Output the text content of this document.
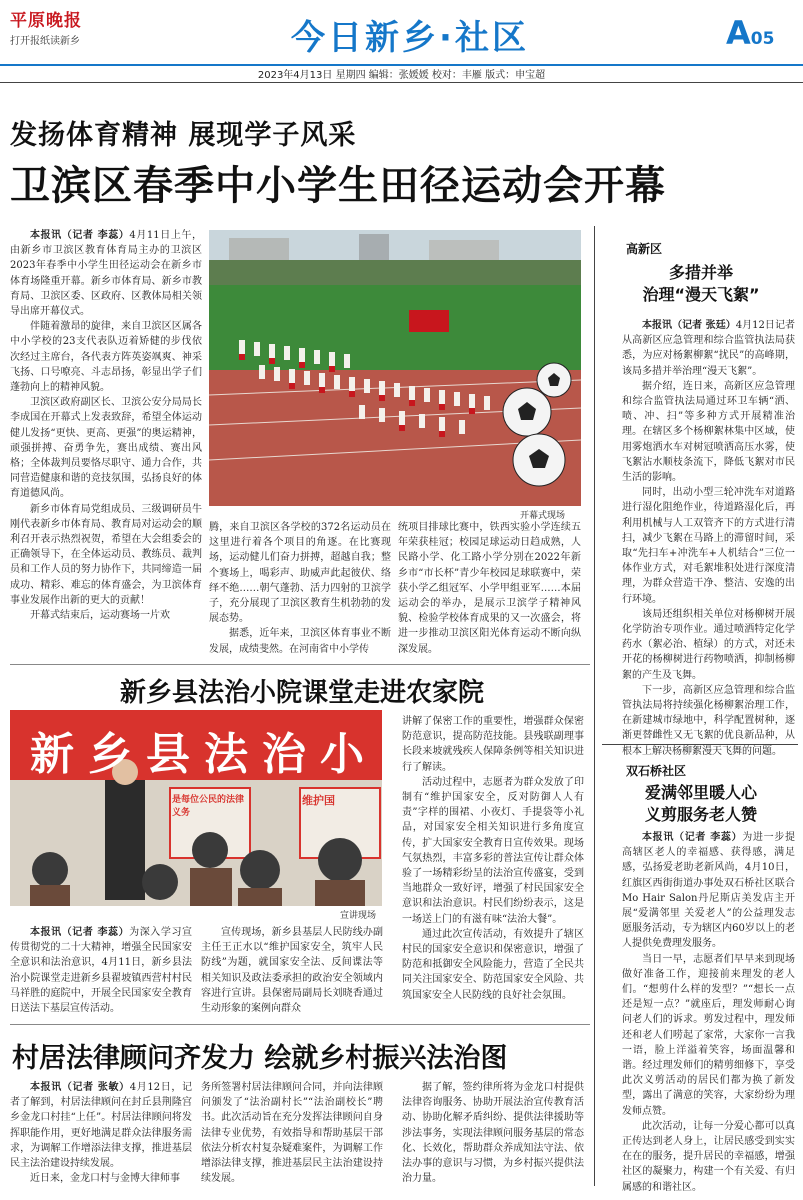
平原晚报
打开报纸读新乡	今日新乡·社区	A05
2023年4月13日 星期四 编辑：张媛媛 校对：丰雁 版式：申宝超
发扬体育精神 展现学子风采
卫滨区春季中小学生田径运动会开幕

本报讯（记者 李蕊）4月11日上午，由新乡市卫滨区教育体育局主办的卫滨区2023年春季中小学生田径运动会在新乡市体育场隆重开幕。新乡市体育局、新乡市教育局、卫滨区委、区政府、区教体局相关领导出席开幕仪式。

伴随着激昂的旋律，来自卫滨区区属各中小学校的23支代表队迈着矫健的步伐依次经过主席台，各代表方阵英姿飒爽、神采飞扬、口号嘹亮、斗志昂扬，彰显出学子们蓬勃向上的精神风貌。

卫滨区政府副区长、卫滨公安分局局长李成国在开幕式上发表致辞，希望全体运动健儿发扬“更快、更高、更强”的奥运精神，顽强拼搏、奋勇争先，赛出成绩、赛出风格；全体裁判员要恪尽职守、通力合作，共同营造健康和谐的竞技氛围，弘扬良好的体育道德风尚。

新乡市体育局党组成员、三级调研员牛刚代表新乡市体育局、教育局对运动会的顺利召开表示热烈祝贺，希望在大会组委会的正确领导下，在全体运动员、教练员、裁判员和工作人员的努力协作下，共同缔造一届成功、精彩、难忘的体育盛会，为卫滨体育事业发展作出新的更大的贡献！

开幕式结束后，运动赛场一片欢

开幕式现场

腾，来自卫滨区各学校的372名运动员在这里进行着各个项目的角逐。在比赛现场，运动健儿们奋力拼搏，超越自我；整个赛场上，喝彩声、助威声此起彼伏、络绎不绝……朝气蓬勃、活力四射的卫滨学子，充分展现了卫滨区教育生机勃勃的发展态势。

据悉，近年来，卫滨区体育事业不断发展，成绩斐然。在河南省中小学传

统项目排球比赛中，铁西实验小学连续五年荣获桂冠；校园足球运动日趋成熟，人民路小学、化工路小学分别在2022年新乡市“市长杯”青少年校园足球联赛中，荣获小学乙组冠军、小学甲组亚军……本届运动会的举办，是展示卫滨学子精神风貌、检验学校体育成果的又一次盛会，将进一步推动卫滨区阳光体育运动不断向纵深发展。

高新区
多措并举
治理“漫天飞絮”

本报讯（记者 张廷）4月12日记者从高新区应急管理和综合监管执法局获悉，为应对杨絮柳絮“扰民”的高峰期，该局多措并举治理“漫天飞絮”。

据介绍，连日来，高新区应急管理和综合监管执法局通过环卫车辆“洒、喷、冲、扫”等多种方式开展精准治理。在辖区多个杨柳絮林集中区域，使用雾炮洒水车对树冠喷洒高压水雾，使飞絮沾水顺枝条流下，降低飞絮对市民生活的影响。

同时，出动小型三轮冲洗车对道路进行湿化阻绝作业，待道路湿化后，再利用机械与人工双管齐下的方式进行清扫，减少飞絮在马路上的滞留时间，采取“先扫车+冲洗车+人机结合”三位一体作业方式，对毛絮堆积处进行深度清理，为群众营造干净、整洁、安逸的出行环境。

该局还组织相关单位对杨柳树开展化学防治专项作业。通过喷洒特定化学药水（絮必治、植绿）的方式，对还未开花的杨柳树进行药物喷洒，抑制杨柳絮的产生及飞舞。

下一步，高新区应急管理和综合监管执法局将持续强化杨柳絮治理工作，在新建城市绿地中，科学配置树种，逐渐更替雌性又无飞絮的优良新品种，从根本上解决杨柳絮漫天飞舞的问题。

双石桥社区
爱满邻里暖人心
义剪服务老人赞

本报讯（记者 李蕊）为进一步提高辖区老人的幸福感、获得感，满足感，弘扬爱老助老新风尚，4月10日，红旗区西街街道办事处双石桥社区联合Mo Hair Salon丹尼斯店美发店主开展“爱满邻里 关爱老人”的公益理发志愿服务活动，专为辖区内60岁以上的老人提供免费理发服务。

当日一早，志愿者们早早来到现场做好准备工作，迎接前来理发的老人们。“想剪什么样的发型？”“想长一点还是短一点？”就座后，理发师耐心询问老人们的诉求。剪发过程中，理发师还和老人们唠起了家常，大家你一言我一语，脸上洋溢着笑容，场面温馨和谐。经过理发师们的精剪细修下，享受此次义剪活动的居民们都为换了新发型，露出了满意的笑容，大家纷纷为理发师点赞。

此次活动，让每一分爱心都可以真正传达到老人身上，让居民感受到实实在在的服务，提升居民的幸福感，增强社区的凝聚力，构建一个有关爱、有归属感的和谐社区。

新乡县法治小院课堂走进农家院
新乡县法治小
是每位公民的法律义务
维护国
宣讲现场

本报讯（记者 李蕊）为深入学习宣传贯彻党的二十大精神，增强全民国家安全意识和法治意识，4月11日，新乡县法治小院课堂走进新乡县翟坡镇西营村村民马祥胜的庭院中，开展全民国家安全教育日送法下基层宣传活动。

宣传现场，新乡县基层人民防线办副主任王正水以“维护国家安全，筑牢人民防线”为题，就国家安全法、反间谍法等相关知识及政法委承担的政治安全领域内容进行宣讲。县保密局副局长刘晓香通过生动形象的案例向群众

讲解了保密工作的重要性，增强群众保密防范意识，提高防范技能。县残联副理事长段来坡就残疾人保障条例等相关知识进行了解读。

活动过程中，志愿者为群众发放了印制有“维护国家安全，反对防御人人有责”字样的围裙、小夜灯、手提袋等小礼品，对国家安全相关知识进行多角度宣传，扩大国家安全教育日宣传效果。现场气氛热烈，丰富多彩的普法宣传让群众体验了一场精彩纷呈的法治宣传盛宴，受到当地群众一致好评，增强了村民国家安全意识和法治意识。村民们纷纷表示，这是一场送上门的有滋有味“法治大餐”。

通过此次宣传活动，有效提升了辖区村民的国家安全意识和保密意识，增强了防范和抵御安全风险能力，营造了全民共同关注国家安全、防范国家安全风险、共筑国家安全人民防线的良好社会氛围。

村居法律顾问齐发力 绘就乡村振兴法治图

本报讯（记者 张敏）4月12日，记者了解到，村居法律顾问在封丘县荆隆宫乡金龙口村挂“上任”。村居法律顾问将发挥职能作用，更好地满足群众法律服务需求，为调解工作增添法律支撑，推进基层民主法治建设持续发展。

近日来，金龙口村与金博大律师事

务所签署村居法律顾问合同，并向法律顾问颁发了“法治副村长”“法治副校长”聘书。此次活动旨在充分发挥法律顾问自身法律专业优势，有效指导和帮助基层干部依法分析农村复杂疑难案件，为调解工作增添法律支撑，推进基层民主法治建设持续发展。

据了解，签约律所将为金龙口村提供法律咨询服务、协助开展法治宣传教育活动、协助化解矛盾纠纷、提供法律援助等涉法事务，实现法律顾问服务基层的常态化、长效化，帮助群众养成知法守法、依法办事的意识与习惯，为乡村振兴提供法治力量。
